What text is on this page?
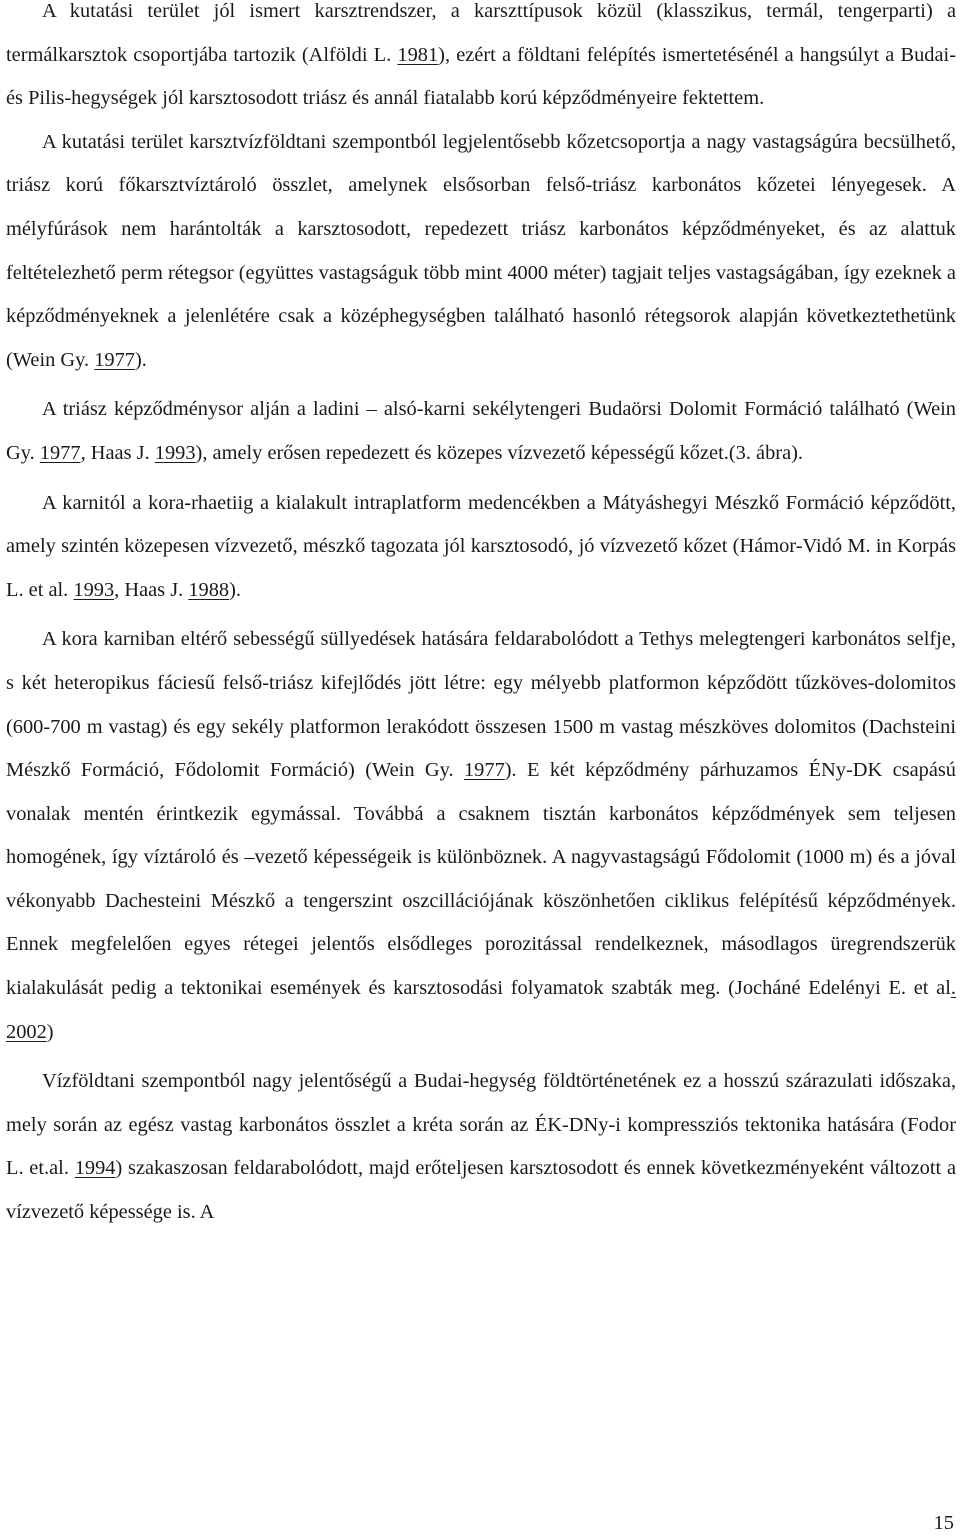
A kutatási terület jól ismert karsztrendszer, a karszttípusok közül (klasszikus, termál, tengerparti) a termálkarsztok csoportjába tartozik (Alföldi L. 1981), ezért a földtani felépítés ismertetésénél a hangsúlyt a Budai- és Pilis-hegységek jól karsztosodott triász és annál fiatalabb korú képződményeire fektettem.

A kutatási terület karsztvízföldtani szempontból legjelentősebb kőzetcsoportja a nagy vastagságúra becsülhető, triász korú főkarsztvíztároló összlet, amelynek elsősorban felső-triász karbonátos kőzetei lényegesek. A mélyfúrások nem harántolták a karsztosodott, repedezett triász karbonátos képződményeket, és az alattuk feltételezhető perm rétegsor (együttes vastagságuk több mint 4000 méter) tagjait teljes vastagságában, így ezeknek a képződményeknek a jelenlétére csak a középhegységben található hasonló rétegsorok alapján következtethetünk (Wein Gy. 1977).

A triász képződménysor alján a ladini – alsó-karni sekélytengeri Budaörsi Dolomit Formáció található (Wein Gy. 1977, Haas J. 1993), amely erősen repedezett és közepes vízvezető képességű kőzet.(3. ábra).

A karnitól a kora-rhaetiig a kialakult intraplatform medencékben a Mátyáshegyi Mészkő Formáció képződött, amely szintén közepesen vízvezető, mészkő tagozata jól karsztosodó, jó vízvezető kőzet (Hámor-Vidó M. in Korpás L. et al. 1993, Haas J. 1988).

A kora karniban eltérő sebességű süllyedések hatására feldarabolódott a Tethys melegtengeri karbonátos selfje, s két heteropikus fáciesű felső-triász kifejlődés jött létre: egy mélyebb platformon képződött tűzköves-dolomitos (600-700 m vastag) és egy sekély platformon lerakódott összesen 1500 m vastag mészköves dolomitos (Dachsteini Mészkő Formáció, Fődolomit Formáció) (Wein Gy. 1977). E két képződmény párhuzamos ÉNy-DK csapású vonalak mentén érintkezik egymással. Továbbá a csaknem tisztán karbonátos képződmények sem teljesen homogének, így víztároló és –vezető képességeik is különböznek. A nagyvastagságú Fődolomit (1000 m) és a jóval vékonyabb Dachesteini Mészkő a tengerszint oszcillációjának köszönhetően ciklikus felépítésű képződmények. Ennek megfelelően egyes rétegei jelentős elsődleges porozitással rendelkeznek, másodlagos üregrendszerük kialakulását pedig a tektonikai események és karsztosodási folyamatok szabták meg. (Jocháné Edelényi E. et al. 2002)

Vízföldtani szempontból nagy jelentőségű a Budai-hegység földtörténetének ez a hosszú szárazulati időszaka, mely során az egész vastag karbonátos összlet a kréta során az ÉK-DNy-i kompressziós tektonika hatására (Fodor L. et.al. 1994) szakaszosan feldarabolódott, majd erőteljesen karsztosodott és ennek következményeként változott a vízvezető képessége is. A

15
